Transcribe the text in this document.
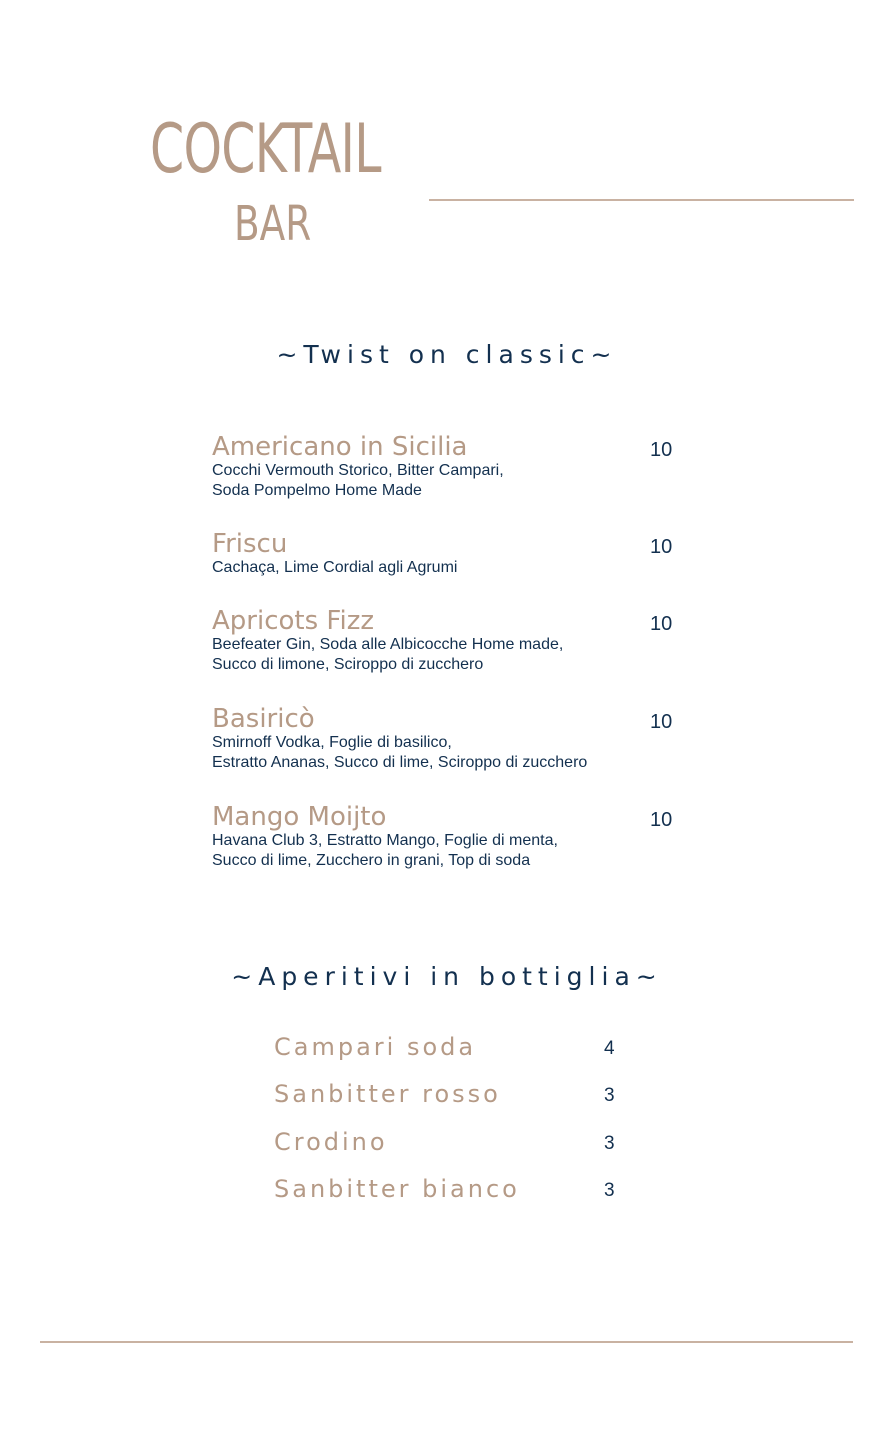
COCKTAIL
BAR
~Twist on classic~
Americano in Sicilia	10
Cocchi Vermouth Storico, Bitter Campari,
Soda Pompelmo Home Made
Friscu	10
Cachaça, Lime Cordial agli Agrumi
Apricots Fizz	10
Beefeater Gin, Soda alle Albicocche Home made,
Succo di limone, Sciroppo di zucchero
Basiricò	10
Smirnoff Vodka, Foglie di basilico,
Estratto Ananas, Succo di lime, Sciroppo di zucchero
Mango Moijto	10
Havana Club 3, Estratto Mango, Foglie di menta,
Succo di lime, Zucchero in grani, Top di soda
~Aperitivi in bottiglia~
Campari soda	4
Sanbitter rosso	3
Crodino	3
Sanbitter bianco	3
